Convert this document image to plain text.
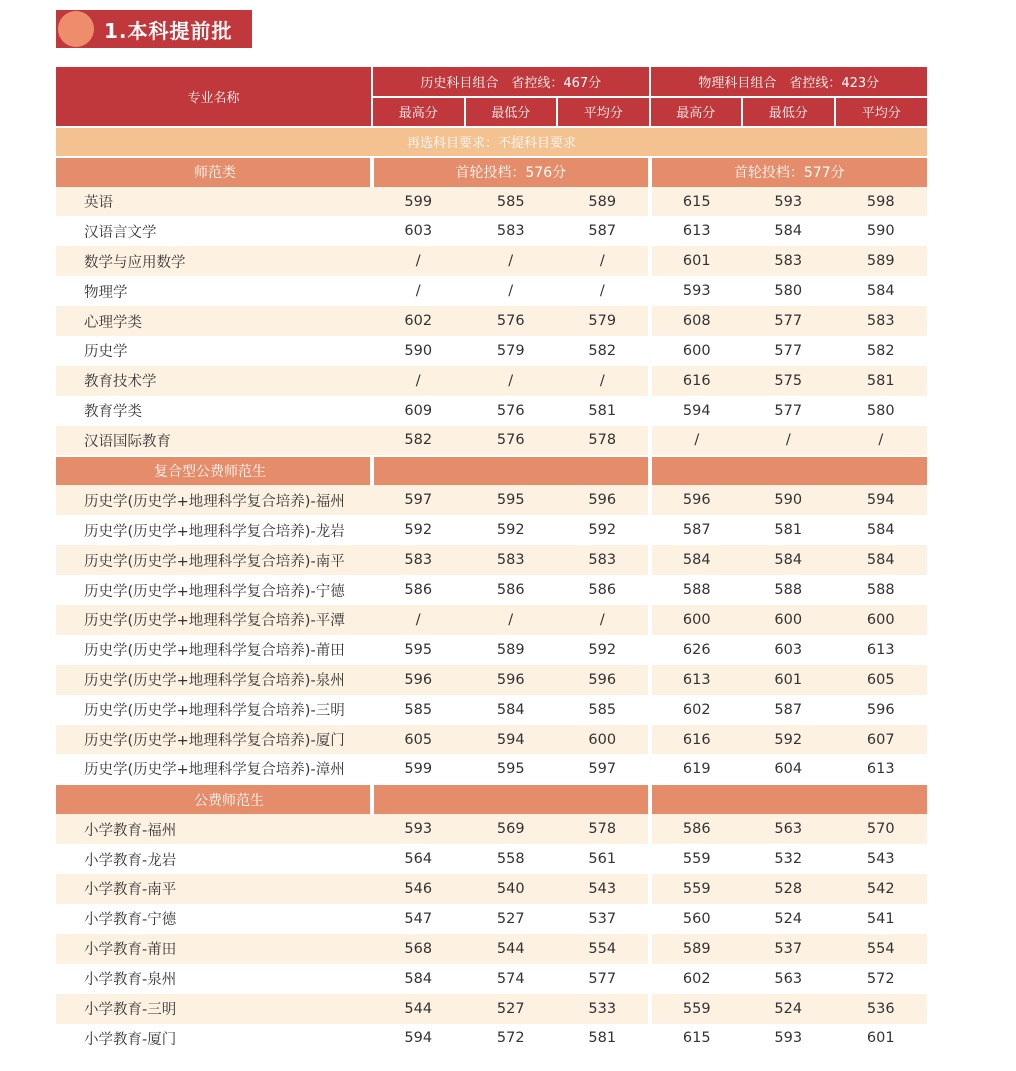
1.本科提前批
专业名称	历史科目组合　省控线：467分			物理科目组合　省控线：423分		
	最高分	最低分	平均分	最高分	最低分	平均分
再选科目要求：不提科目要求						
师范类	首轮投档：576分			首轮投档：577分		
英语	599	585	589	615	593	598
汉语言文学	603	583	587	613	584	590
数学与应用数学	/	/	/	601	583	589
物理学	/	/	/	593	580	584
心理学类	602	576	579	608	577	583
历史学	590	579	582	600	577	582
教育技术学	/	/	/	616	575	581
教育学类	609	576	581	594	577	580
汉语国际教育	582	576	578	/	/	/
复合型公费师范生						
历史学(历史学+地理科学复合培养)-福州	597	595	596	596	590	594
历史学(历史学+地理科学复合培养)-龙岩	592	592	592	587	581	584
历史学(历史学+地理科学复合培养)-南平	583	583	583	584	584	584
历史学(历史学+地理科学复合培养)-宁德	586	586	586	588	588	588
历史学(历史学+地理科学复合培养)-平潭	/	/	/	600	600	600
历史学(历史学+地理科学复合培养)-莆田	595	589	592	626	603	613
历史学(历史学+地理科学复合培养)-泉州	596	596	596	613	601	605
历史学(历史学+地理科学复合培养)-三明	585	584	585	602	587	596
历史学(历史学+地理科学复合培养)-厦门	605	594	600	616	592	607
历史学(历史学+地理科学复合培养)-漳州	599	595	597	619	604	613
公费师范生						
小学教育-福州	593	569	578	586	563	570
小学教育-龙岩	564	558	561	559	532	543
小学教育-南平	546	540	543	559	528	542
小学教育-宁德	547	527	537	560	524	541
小学教育-莆田	568	544	554	589	537	554
小学教育-泉州	584	574	577	602	563	572
小学教育-三明	544	527	533	559	524	536
小学教育-厦门	594	572	581	615	593	601
